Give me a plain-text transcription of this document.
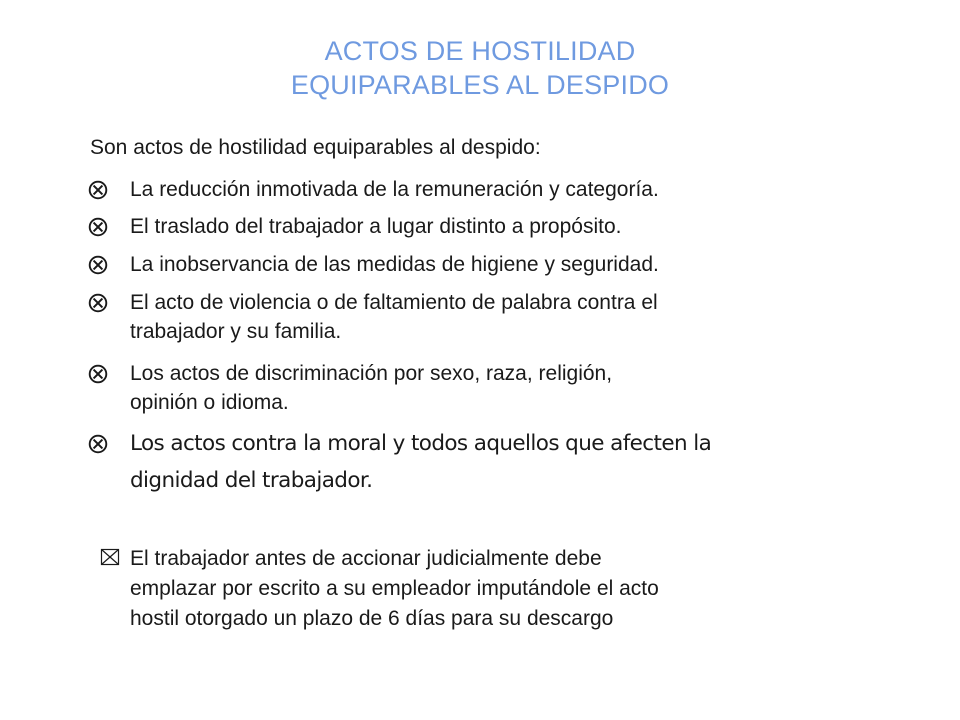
ACTOS DE HOSTILIDAD
EQUIPARABLES AL DESPIDO
Son actos de hostilidad equiparables al despido:
La reducción inmotivada de la remuneración y categoría.
El traslado del trabajador a lugar distinto a propósito.
La inobservancia de las medidas de higiene y seguridad.
El acto de violencia o de faltamiento de palabra contra el
trabajador y su familia.
Los actos de discriminación por sexo, raza, religión,
opinión o idioma.
Los actos contra la moral y todos aquellos que afecten la
dignidad del trabajador.
El trabajador antes de accionar judicialmente debe
emplazar por escrito a su empleador imputándole el acto
hostil otorgado un plazo de 6 días para su descargo
